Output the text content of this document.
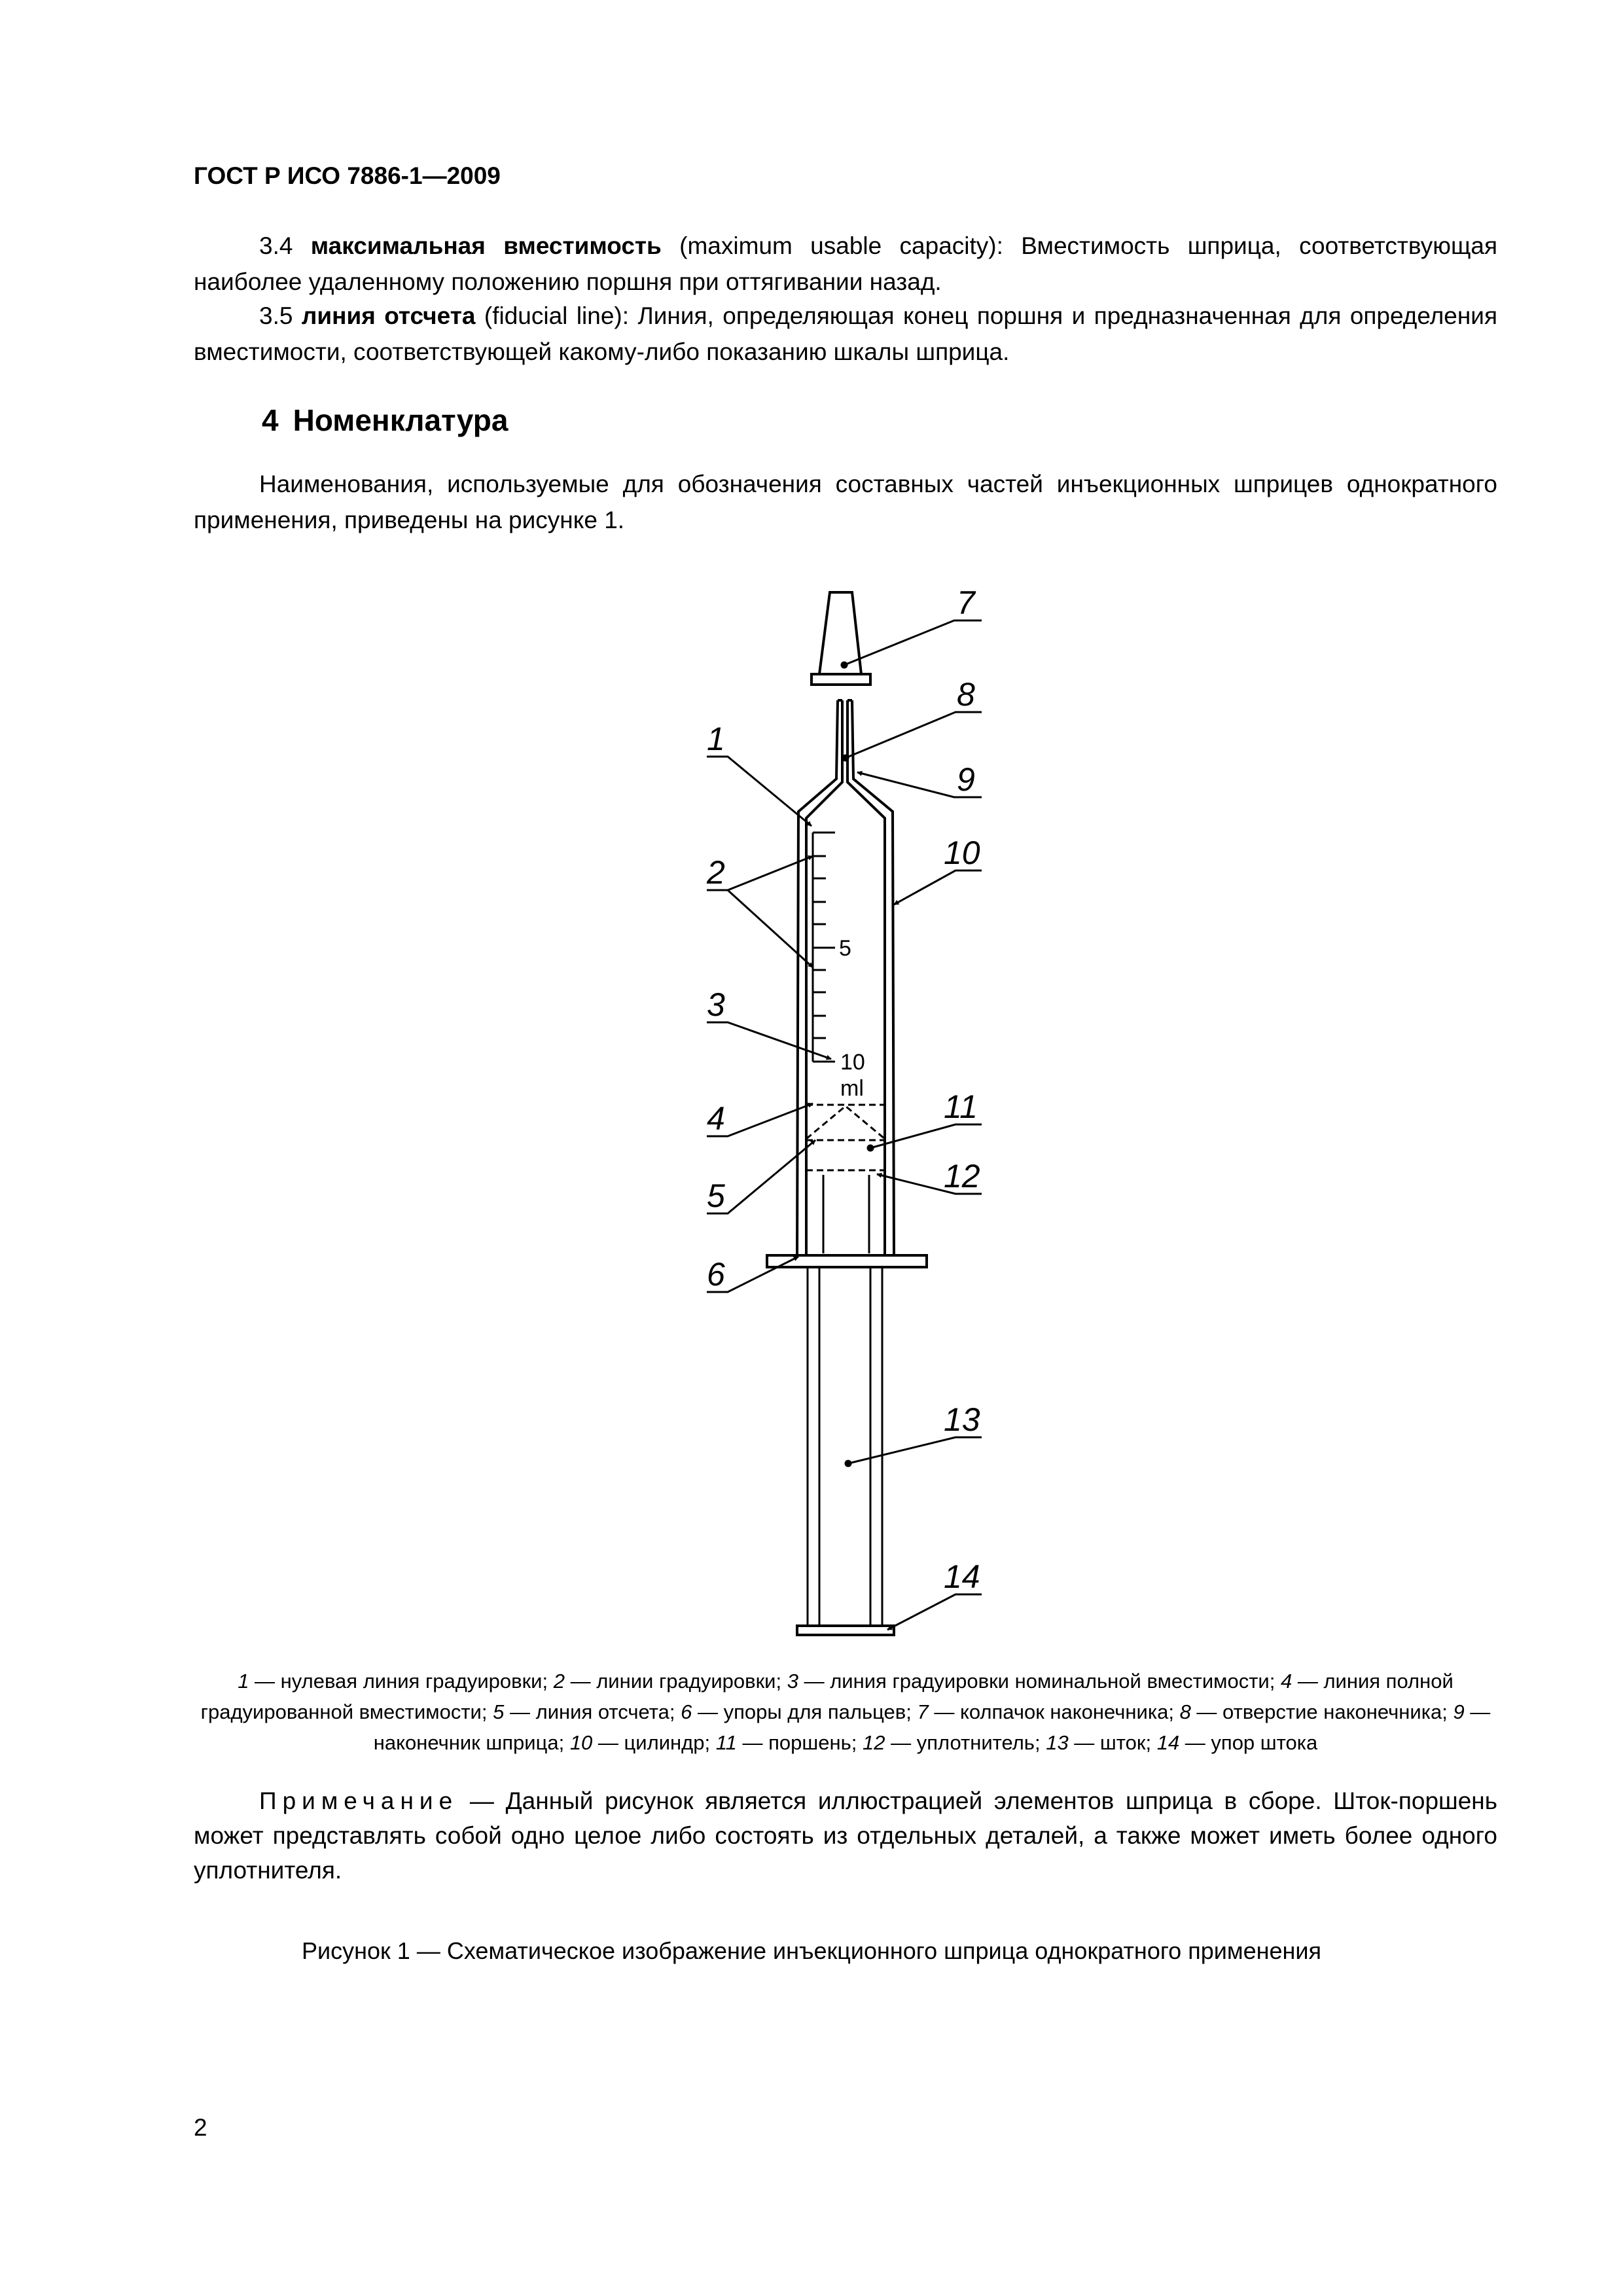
ГОСТ Р ИСО 7886-1—2009

3.4 максимальная вместимость (maximum usable capacity): Вместимость шприца, соответствующая наиболее удаленному положению поршня при оттягивании назад.

3.5 линия отсчета (fiducial line): Линия, определяющая конец поршня и предназначенная для определения вместимости, соответствующей какому-либо показанию шкалы шприца.

4 Номенклатура

Наименования, используемые для обозначения составных частей инъекционных шприцев однократного применения, приведены на рисунке 1.

5
10
ml
1
2
3
4
5
6
7
8
9
10
11
12
13
14
1 — нулевая линия градуировки; 2 — линии градуировки; 3 — линия градуировки номинальной вместимости; 4 — линия полной градуированной вместимости; 5 — линия отсчета; 6 — упоры для пальцев; 7 — колпачок наконечника; 8 — отверстие наконечника; 9 — наконечник шприца; 10 — цилиндр; 11 — поршень; 12 — уплотнитель; 13 — шток; 14 — упор штока

Примечание — Данный рисунок является иллюстрацией элементов шприца в сборе. Шток-поршень может представлять собой одно целое либо состоять из отдельных деталей, а также может иметь более одного уплотнителя.

Рисунок 1 — Схематическое изображение инъекционного шприца однократного применения
2
